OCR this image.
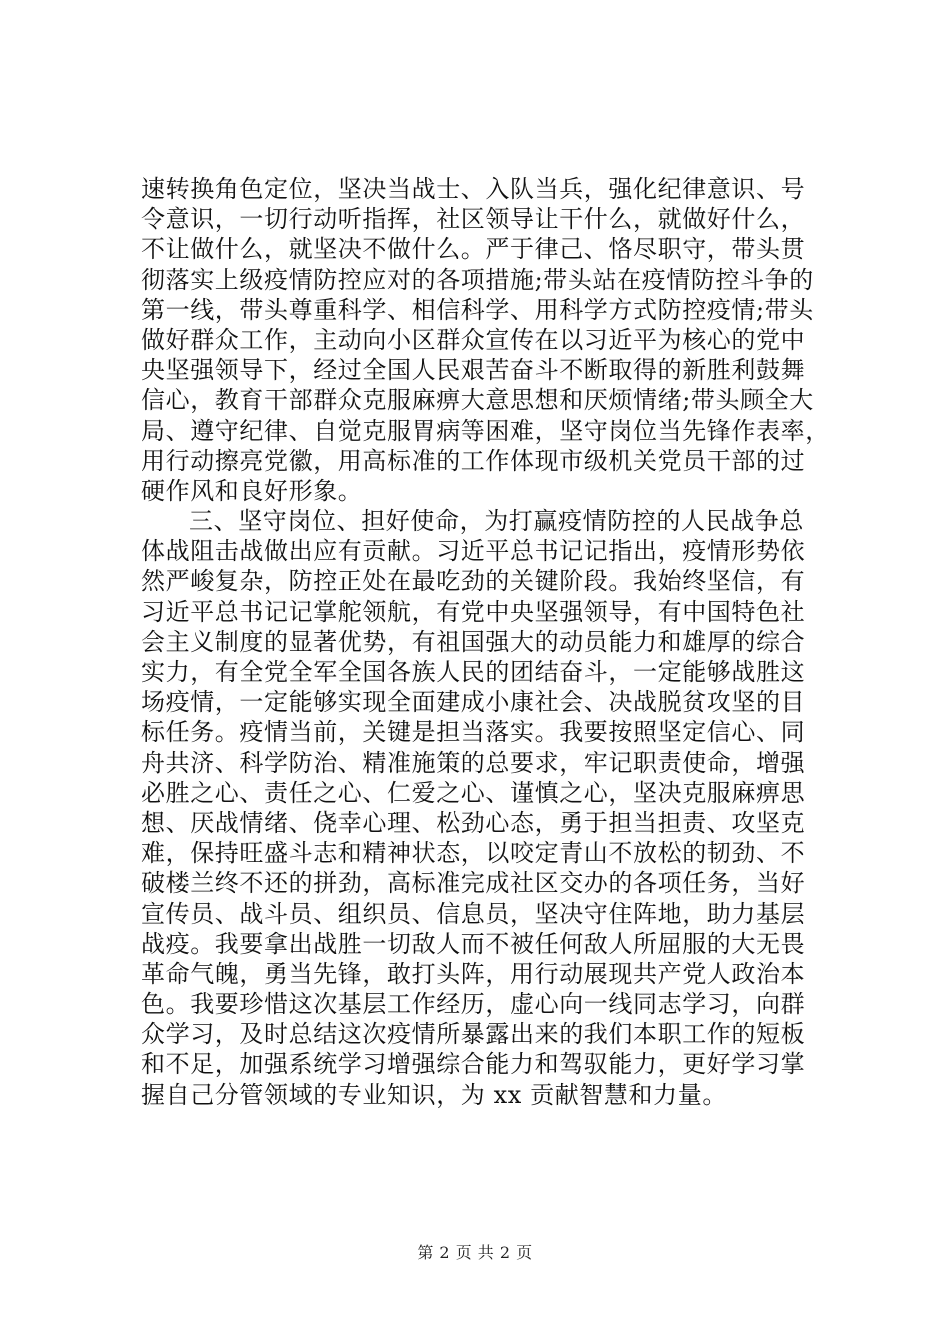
速转换角色定位，坚决当战士、入队当兵，强化纪律意识、号
令意识，一切行动听指挥，社区领导让干什么，就做好什么，
不让做什么，就坚决不做什么。严于律己、恪尽职守，带头贯
彻落实上级疫情防控应对的各项措施;带头站在疫情防控斗争的
第一线，带头尊重科学、相信科学、用科学方式防控疫情;带头
做好群众工作，主动向小区群众宣传在以习近平为核心的党中
央坚强领导下，经过全国人民艰苦奋斗不断取得的新胜利鼓舞
信心，教育干部群众克服麻痹大意思想和厌烦情绪;带头顾全大
局、遵守纪律、自觉克服胃病等困难，坚守岗位当先锋作表率，
用行动擦亮党徽，用高标准的工作体现市级机关党员干部的过
硬作风和良好形象。
三、坚守岗位、担好使命，为打赢疫情防控的人民战争总
体战阻击战做出应有贡献。习近平总书记记指出，疫情形势依
然严峻复杂，防控正处在最吃劲的关键阶段。我始终坚信，有
习近平总书记记掌舵领航，有党中央坚强领导，有中国特色社
会主义制度的显著优势，有祖国强大的动员能力和雄厚的综合
实力，有全党全军全国各族人民的团结奋斗，一定能够战胜这
场疫情，一定能够实现全面建成小康社会、决战脱贫攻坚的目
标任务。疫情当前，关键是担当落实。我要按照坚定信心、同
舟共济、科学防治、精准施策的总要求，牢记职责使命，增强
必胜之心、责任之心、仁爱之心、谨慎之心，坚决克服麻痹思
想、厌战情绪、侥幸心理、松劲心态，勇于担当担责、攻坚克
难，保持旺盛斗志和精神状态，以咬定青山不放松的韧劲、不
破楼兰终不还的拼劲，高标准完成社区交办的各项任务，当好
宣传员、战斗员、组织员、信息员，坚决守住阵地，助力基层
战疫。我要拿出战胜一切敌人而不被任何敌人所屈服的大无畏
革命气魄，勇当先锋，敢打头阵，用行动展现共产党人政治本
色。我要珍惜这次基层工作经历，虚心向一线同志学习，向群
众学习，及时总结这次疫情所暴露出来的我们本职工作的短板
和不足，加强系统学习增强综合能力和驾驭能力，更好学习掌
握自己分管领域的专业知识，为 xx 贡献智慧和力量。
第 2 页 共 2 页
